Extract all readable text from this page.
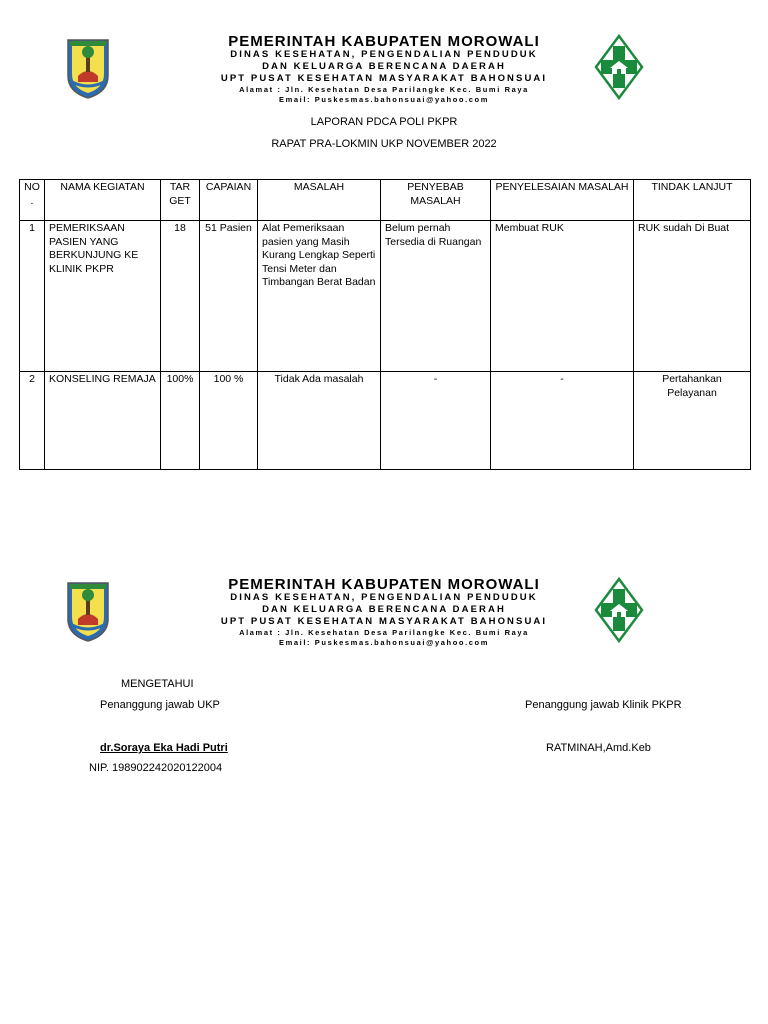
PEMERINTAH KABUPATEN MOROWALI
DINAS KESEHATAN, PENGENDALIAN PENDUDUK
DAN KELUARGA BERENCANA DAERAH
UPT PUSAT KESEHATAN MASYARAKAT BAHONSUAI
Alamat : Jln. Kesehatan Desa Parilangke Kec. Bumi Raya
Email: Puskesmas.bahonsuai@yahoo.com
LAPORAN PDCA POLI PKPR
RAPAT PRA-LOKMIN UKP NOVEMBER 2022
NO .	NAMA KEGIATAN	TAR GET	CAPAIAN	MASALAH	PENYEBAB MASALAH	PENYELESAIAN MASALAH	TINDAK LANJUT
1	PEMERIKSAAN PASIEN YANG BERKUNJUNG KE KLINIK PKPR	18	51 Pasien	Alat Pemeriksaan pasien yang Masih Kurang Lengkap Seperti Tensi Meter dan Timbangan Berat Badan	Belum pernah Tersedia di Ruangan	Membuat RUK	RUK sudah Di Buat
2	KONSELING REMAJA	100%	100 %	Tidak Ada masalah	-	-	Pertahankan Pelayanan
PEMERINTAH KABUPATEN MOROWALI
DINAS KESEHATAN, PENGENDALIAN PENDUDUK
DAN KELUARGA BERENCANA DAERAH
UPT PUSAT KESEHATAN MASYARAKAT BAHONSUAI
Alamat : Jln. Kesehatan Desa Parilangke Kec. Bumi Raya
Email: Puskesmas.bahonsuai@yahoo.com
MENGETAHUI
Penanggung jawab UKP
dr.Soraya Eka Hadi Putri
NIP. 198902242020122004
Penanggung jawab Klinik PKPR
RATMINAH,Amd.Keb
